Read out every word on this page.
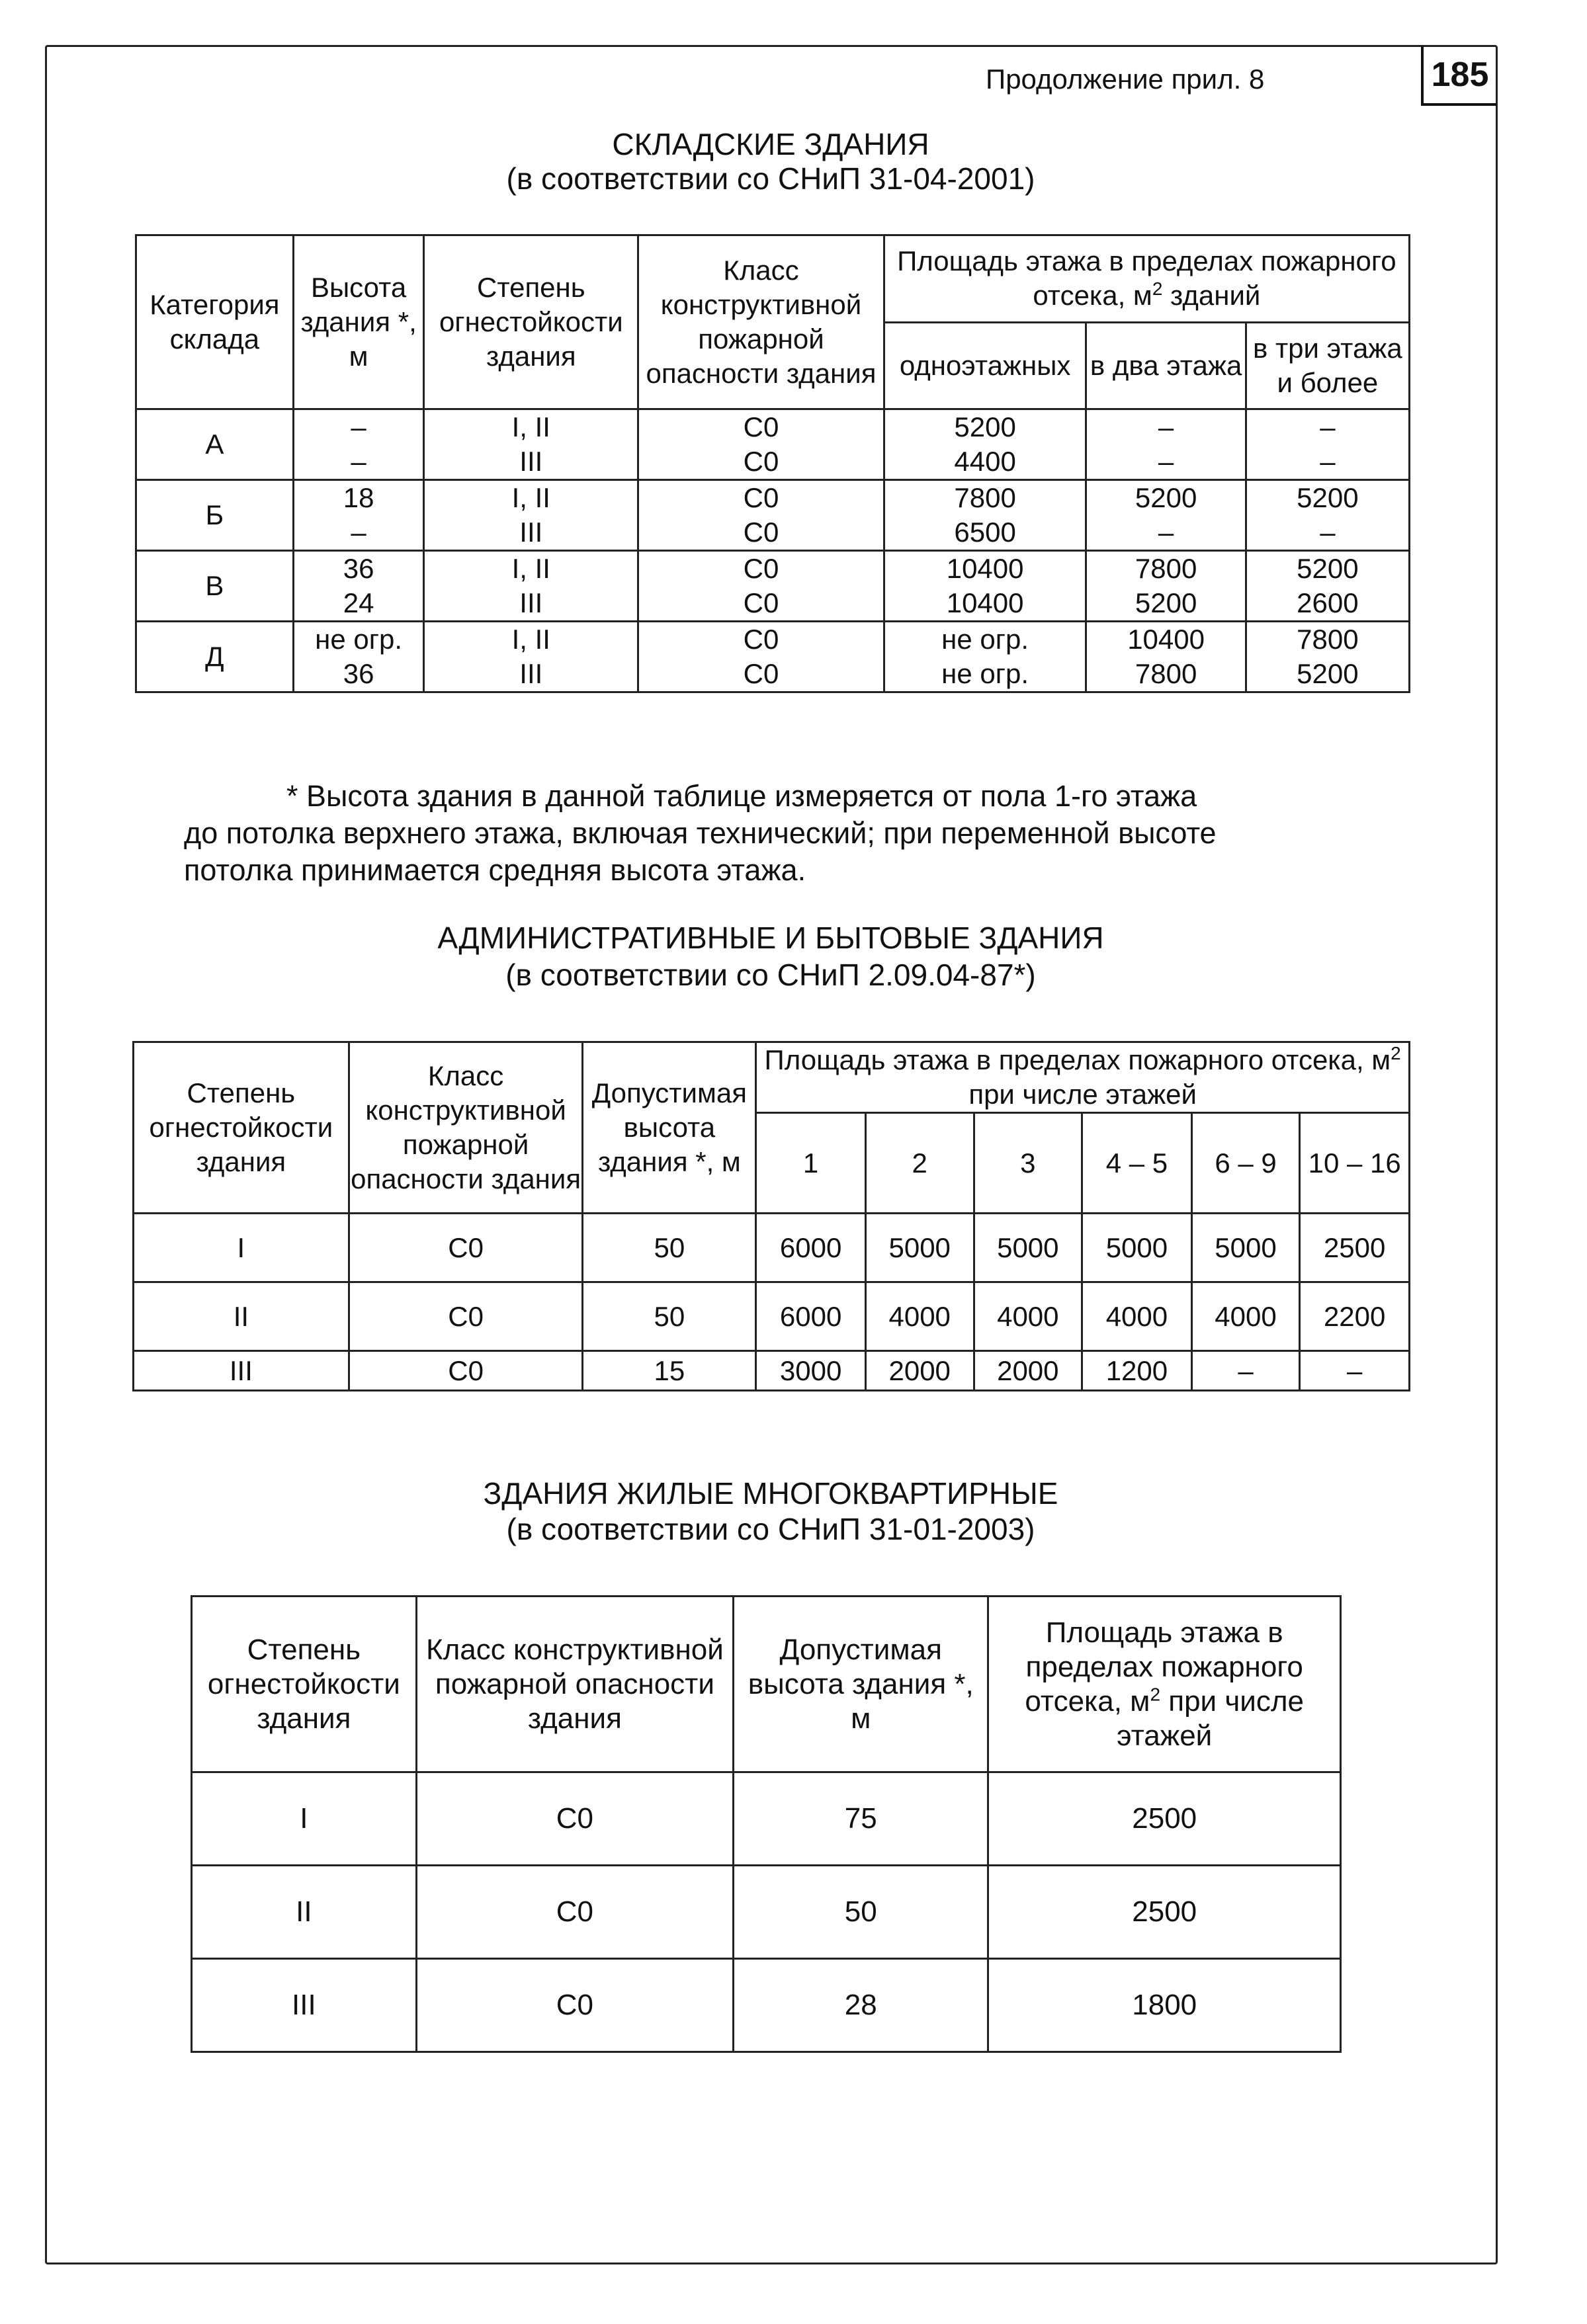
185
Продолжение прил. 8
СКЛАДСКИЕ ЗДАНИЯ
(в соответствии со СНиП 31-04-2001)
Категория склада	Высота здания *, м	Степень огнестойкости здания	Класс конструктивной пожарной опасности здания	Площадь этажа в пределах пожарного отсека, $м^2$ зданий		
				одноэтажных	в два этажа	в три этажа и более
А	–	I, II	С0	5200	–	–
	–	III	С0	4400	–	–
Б	18	I, II	С0	7800	5200	5200
	–	III	С0	6500	–	–
В	36	I, II	С0	10400	7800	5200
	24	III	С0	10400	5200	2600
Д	не огр.	I, II	С0	не огр.	10400	7800
	36	III	С0	не огр.	7800	5200
* Высота здания в данной таблице измеряется от пола 1-го этажа
до потолка верхнего этажа, включая технический; при переменной высоте
потолка принимается средняя высота этажа.
АДМИНИСТРАТИВНЫЕ И БЫТОВЫЕ ЗДАНИЯ
(в соответствии со СНиП 2.09.04-87*)
Степень огнестойкости здания	Класс конструктивной пожарной опасности здания	Допустимая высота здания *, м	Площадь этажа в пределах пожарного отсека, $м^2$ при числе этажей					
			1	2	3	4 – 5	6 – 9	10 – 16
I	С0	50	6000	5000	5000	5000	5000	2500
II	С0	50	6000	4000	4000	4000	4000	2200
III	С0	15	3000	2000	2000	1200	–	–
ЗДАНИЯ ЖИЛЫЕ МНОГОКВАРТИРНЫЕ
(в соответствии со СНиП 31-01-2003)
Степень огнестойкости здания	Класс конструктивной пожарной опасности здания	Допустимая высота здания *, м	Площадь этажа в пределах пожарного отсека, $м^2$ при числе этажей
I	С0	75	2500
II	С0	50	2500
III	С0	28	1800
